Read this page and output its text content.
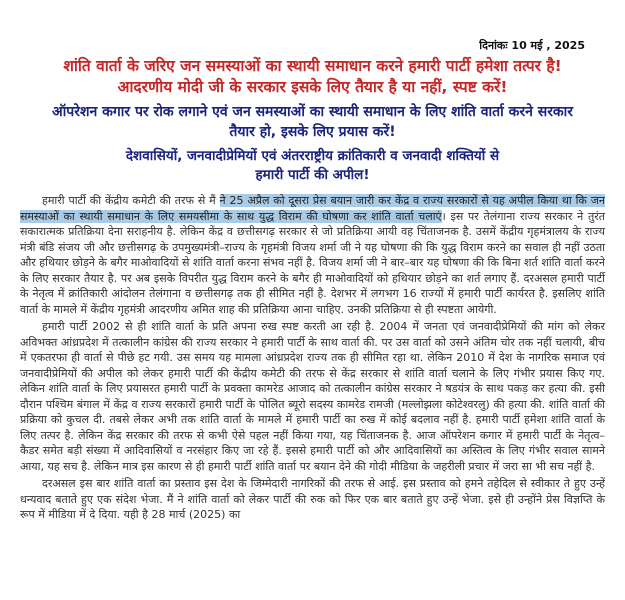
दिनांकः 10 मई , 2025
शांति वार्ता के जरिए जन समस्याओं का स्थायी समाधान करने हमारी पार्टी हमेशा तत्पर है!
आदरणीय मोदी जी के सरकार इसके लिए तैयार है या नहीं, स्पष्ट करें!
ऑपरेशन कगार पर रोक लगाने एवं जन समस्याओं का स्थायी समाधान के लिए शांति वार्ता करने सरकार
तैयार हो, इसके लिए प्रयास करें!
देशवासियों, जनवादीप्रेमियों एवं अंतरराष्ट्रीय क्रांतिकारी व जनवादी शक्तियों से
हमारी पार्टी की अपील!

हमारी पार्टी की केंद्रीय कमेटी की तरफ से मैं ने 25 अप्रैल को दूसरा प्रेस बयान जारी कर केंद्र व राज्य सरकारों से यह अपील किया था कि जन समस्याओं का स्थायी समाधान के लिए समयसीमा के साथ युद्ध विराम की घोषणा कर शांति वार्ता चलाएं। इस पर तेलंगाना राज्य सरकार ने तुरंत सकारात्मक प्रतिक्रिया देना सराहनीय है. लेकिन केंद्र व छत्तीसगढ़ सरकार से जो प्रतिक्रिया आयी वह चिंताजनक है. उसमें केंद्रीय गृहमंत्रालय के राज्य मंत्री बंडि संजय जी और छत्तीसगढ़ के उपमुख्यमंत्री–राज्य के गृहमंत्री विजय शर्मा जी ने यह घोषणा की कि युद्ध विराम करने का सवाल ही नहीं उठता और हथियार छोड़ने के बगैर माओवादियों से शांति वार्ता करना संभव नहीं है. विजय शर्मा जी ने बार–बार यह घोषणा की कि बिना शर्त शांति वार्ता करने के लिए सरकार तैयार है. पर अब इसके विपरीत युद्ध विराम करने के बगैर ही माओवादियों को हथियार छोड़ने का शर्त लगाए हैं. दरअसल हमारी पार्टी के नेतृत्व में क्रांतिकारी आंदोलन तेलंगाना व छत्तीसगढ़ तक ही सीमित नहीं है. देशभर में लगभग 16 राज्यों में हमारी पार्टी कार्यरत है. इसलिए शांति वार्ता के मामले में केंद्रीय गृहमंत्री आदरणीय अमित शाह की प्रतिक्रिया आना चाहिए. उनकी प्रतिक्रिया से ही स्पष्टता आयेगी.

हमारी पार्टी 2002 से ही शांति वार्ता के प्रति अपना रुख स्पष्ट करती आ रही है. 2004 में जनता एवं जनवादीप्रेमियों की मांग को लेकर अविभक्त आंध्रप्रदेश में तत्कालीन कांग्रेस की राज्य सरकार ने हमारी पार्टी के साथ वार्ता की. पर उस वार्ता को उसने अंतिम चोर तक नहीं चलायी, बीच में एकतरफा ही वार्ता से पीछे हट गयी. उस समय यह मामला आंध्रप्रदेश राज्य तक ही सीमित रहा था. लेकिन 2010 में देश के नागरिक समाज एवं जनवादीप्रेमियों की अपील को लेकर हमारी पार्टी की केंद्रीय कमेटी की तरफ से केंद्र सरकार से शांति वार्ता चलाने के लिए गंभीर प्रयास किए गए. लेकिन शांति वार्ता के लिए प्रयासरत हमारी पार्टी के प्रवक्ता कामरेड आजाद को तत्कालीन कांग्रेस सरकार ने षडयंत्र के साथ पकड़ कर हत्या की. इसी दौरान पश्चिम बंगाल में केंद्र व राज्य सरकारों हमारी पार्टी के पोलित ब्यूरो सदस्य कामरेड रामजी (मल्लोझला कोटेश्वरलु) की हत्या की. शांति वार्ता की प्रक्रिया को कुचल दी. तबसे लेकर अभी तक शांति वार्ता के मामले में हमारी पार्टी का रुख में कोई बदलाव नहीं है. हमारी पार्टी हमेशा शांति वार्ता के लिए तत्पर है. लेकिन केंद्र सरकार की तरफ से कभी ऐसे पहल नहीं किया गया, यह चिंताजनक है. आज ऑपरेशन कगार में हमारी पार्टी के नेतृत्व–कैडर समेत बड़ी संख्या में आदिवासियों व नरसंहार किए जा रहे हैं. इससे हमारी पार्टी को और आदिवासियों का अस्तित्व के लिए गंभीर सवाल सामने आया, यह सच है. लेकिन मात्र इस कारण से ही हमारी पार्टी शांति वार्ता पर बयान देने की गोदी मीडिया के जहरीली प्रचार में जरा सा भी सच नहीं है.

दरअसल इस बार शांति वार्ता का प्रस्ताव इस देश के जिम्मेदारी नागरिकों की तरफ से आई. इस प्रस्ताव को हमने तहेदिल से स्वीकार ते हुए उन्हें धन्यवाद बताते हुए एक संदेश भेजा. मैं ने शांति वार्ता को लेकर पार्टी की रुक को फिर एक बार बताते हुए उन्हें भेजा. इसे ही उन्होंने प्रेस विज्ञप्ति के रूप में मीडिया में दे दिया. यही है 28 मार्च (2025) का
